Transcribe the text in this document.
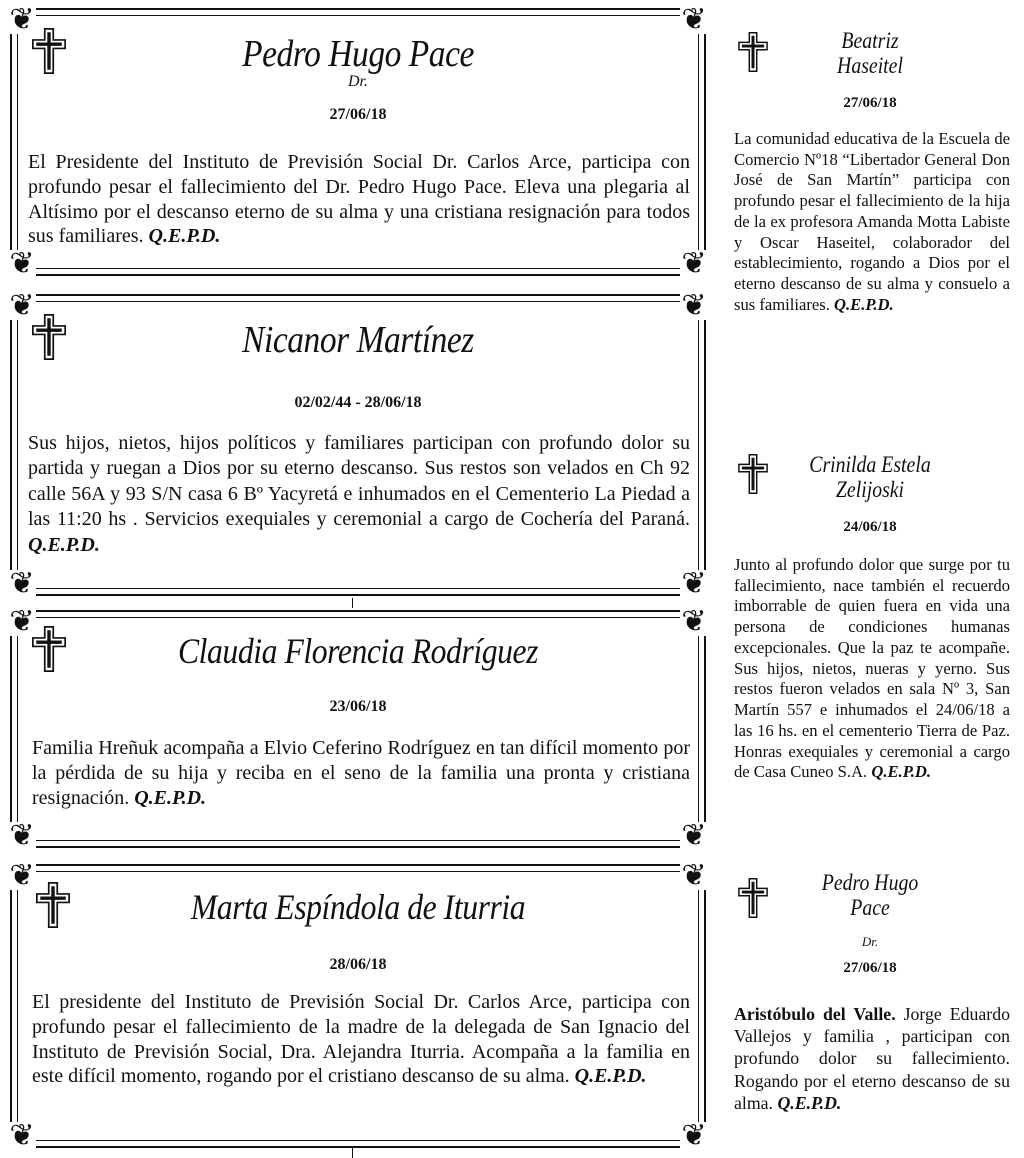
❦	❦
❦	❦
Pedro Hugo Pace
Dr.
27/06/18
El Presidente del Instituto de Previsión Social Dr. Carlos Arce, participa con profundo pesar el fallecimiento del Dr. Pedro Hugo Pace. Eleva una plegaria al Altísimo por el descanso eterno de su alma y una cristiana resignación para todos sus familiares. Q.E.P.D.
❦	❦
❦	❦
Nicanor Martínez
02/02/44 - 28/06/18
Sus hijos, nietos, hijos políticos y familiares participan con profundo dolor su partida y ruegan a Dios por su eterno descanso. Sus restos son velados en Ch 92 calle 56A y 93 S/N casa 6 Bº Yacyretá e inhumados en el Cementerio La Piedad a las 11:20 hs . Servicios exequiales y ceremonial a cargo de Cochería del Paraná. Q.E.P.D.
❦	❦
❦	❦
Claudia Florencia Rodríguez
23/06/18
Familia Hreñuk acompaña a Elvio Ceferino Rodríguez en tan difícil momento por la pérdida de su hija y reciba en el seno de la familia una pronta y cristiana resignación. Q.E.P.D.
❦	❦
❦	❦
Marta Espíndola de Iturria
28/06/18
El presidente del Instituto de Previsión Social Dr. Carlos Arce, participa con profundo pesar el fallecimiento de la madre de la delegada de San Ignacio del Instituto de Previsión Social, Dra. Alejandra Iturria. Acompaña a la familia en este difícil momento, rogando por el cristiano descanso de su alma. Q.E.P.D.
Beatriz
Haseitel
27/06/18
La comunidad educativa de la Escuela de Comercio Nº18 “Libertador General Don José de San Martín” participa con profundo pesar el fallecimiento de la hija de la ex profesora Amanda Motta Labiste y Oscar Haseitel, colaborador del establecimiento, rogando a Dios por el eterno descanso de su alma y consuelo a sus familiares. Q.E.P.D.
Crinilda Estela
Zelijoski
24/06/18
Junto al profundo dolor que surge por tu fallecimiento, nace también el recuerdo imborrable de quien fuera en vida una persona de condiciones humanas excepcionales. Que la paz te acompañe. Sus hijos, nietos, nueras y yerno. Sus restos fueron velados en sala Nº 3, San Martín 557 e inhumados el 24/06/18 a las 16 hs. en el cementerio Tierra de Paz. Honras exequiales y ceremonial a cargo de Casa Cuneo S.A. Q.E.P.D.
Pedro Hugo
Pace
Dr.
27/06/18
Aristóbulo del Valle. Jorge Eduardo Vallejos y familia , participan con profundo dolor su fallecimiento. Rogando por el eterno descanso de su alma. Q.E.P.D.
